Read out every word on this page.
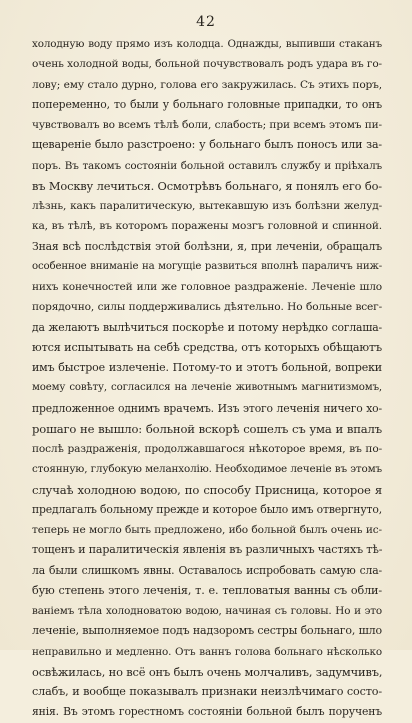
42
холодную воду прямо изъ колодца. Однажды, выпивши стаканъ
очень холодной воды, больной почувствовалъ родъ удара въ го-
лову; ему стало дурно, голова его закружилась. Съ этихъ поръ,
попеременно, то были у больнаго головные припадки, то онъ
чувствовалъ во всемъ тѣлѣ боли, слабость; при всемъ этомъ пи-
щевареніе было разстроено: у больнаго былъ поносъ или за-
поръ. Въ такомъ состояніи больной оставилъ службу и пріѣхалъ
въ Москву лечиться. Осмотрѣвъ больнаго, я понялъ его бо-
лѣзнь, какъ паралитическую, вытекавшую изъ болѣзни желуд-
ка, въ тѣлѣ, въ которомъ поражены мозгъ головной и спинной.
Зная всѣ послѣдствія этой болѣзни, я, при леченіи, обращалъ
особенное вниманіе на могущіе развиться вполнѣ параличъ ниж-
нихъ конечностей или же головное раздраженіе. Леченіе шло
порядочно, силы поддерживались дѣятельно. Но больные всег-
да желаютъ вылѣчиться поскорѣе и потому нерѣдко соглаша-
ются испытывать на себѣ средства, отъ которыхъ обѣщаютъ
имъ быстрое излеченіе. Потому-то и этотъ больной, вопреки
моему совѣту, согласился на леченіе животнымъ магнитизмомъ,
предложенное однимъ врачемъ. Изъ этого леченія ничего хо-
рошаго не вышло: больной вскорѣ сошелъ съ ума и впалъ
послѣ раздраженія, продолжавшагося нѣкоторое время, въ по-
стоянную, глубокую меланхолію. Необходимое леченіе въ этомъ
случаѣ холодною водою, по способу Присница, которое я
предлагалъ больному прежде и которое было имъ отвергнуто,
теперь не могло быть предложено, ибо больной былъ очень ис-
тощенъ и паралитическія явленія въ различныхъ частяхъ тѣ-
ла были слишкомъ явны. Оставалось испробовать самую сла-
бую степень этого леченія, т. е. тепловатыя ванны съ обли-
ваніемъ тѣла холодноватою водою, начиная съ головы. Но и это
леченіе, выполняемое подъ надзоромъ сестры больнаго, шло
неправильно и медленно. Отъ ваннъ голова больнаго нѣсколько
освѣжилась, но всё онъ былъ очень молчаливъ, задумчивъ,
слабъ, и вообще показывалъ признаки неизлѣчимаго состо-
янія. Въ этомъ горестномъ состояніи больной былъ порученъ
